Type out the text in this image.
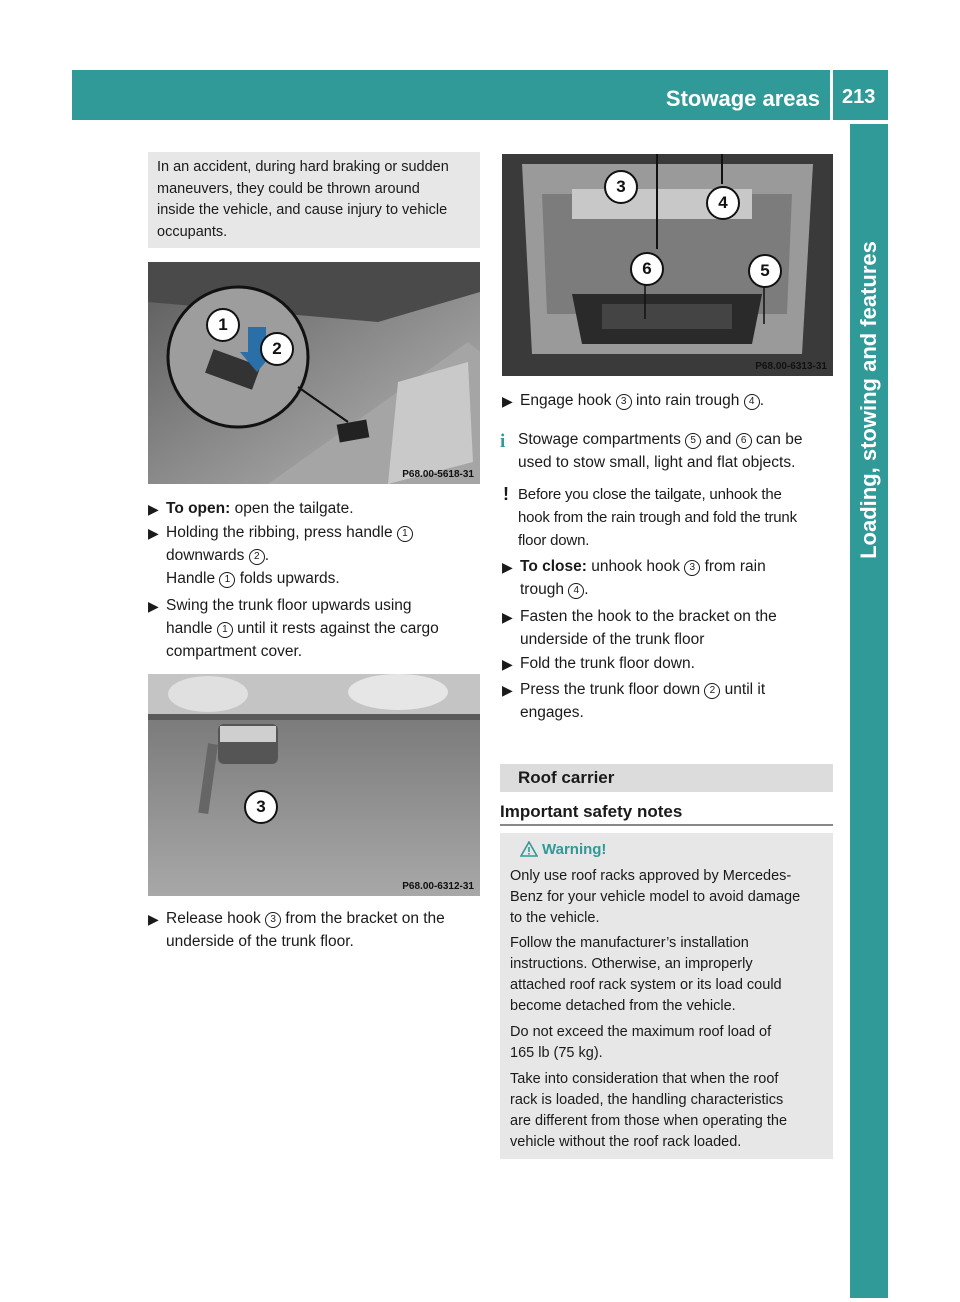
Stowage areas 213
Loading, stowing and features
In an accident, during hard braking or sudden
maneuvers, they could be thrown around
inside the vehicle, and cause injury to vehicle
occupants.
1
2
P68.00-5618-31
▶ To open: open the tailgate.
▶ Holding the ribbing, press handle 1
downwards 2 .
Handle 1 folds upwards.
▶ Swing the trunk floor upwards using
handle 1 until it rests against the cargo
compartment cover.
3
P68.00-6312-31
▶ Release hook 3 from the bracket on the
underside of the trunk floor.
3
4
6	5
P68.00-6313-31
▶ Engage hook 3 into rain trough 4 .
i Stowage compartments 5 and 6 can be
used to stow small, light and flat objects.
! Before you close the tailgate, unhook the
hook from the rain trough and fold the trunk
floor down.
▶ To close: unhook hook 3 from rain
trough 4 .
▶ Fasten the hook to the bracket on the
underside of the trunk floor
▶ Fold the trunk floor down.
▶ Press the trunk floor down 2 until it
engages.
Roof carrier
Important safety notes
Warning!
Only use roof racks approved by Mercedes-
Benz for your vehicle model to avoid damage
to the vehicle.
Follow the manufacturer’s installation
instructions. Otherwise, an improperly
attached roof rack system or its load could
become detached from the vehicle.
Do not exceed the maximum roof load of
165 lb (75 kg).
Take into consideration that when the roof
rack is loaded, the handling characteristics
are different from those when operating the
vehicle without the roof rack loaded.
